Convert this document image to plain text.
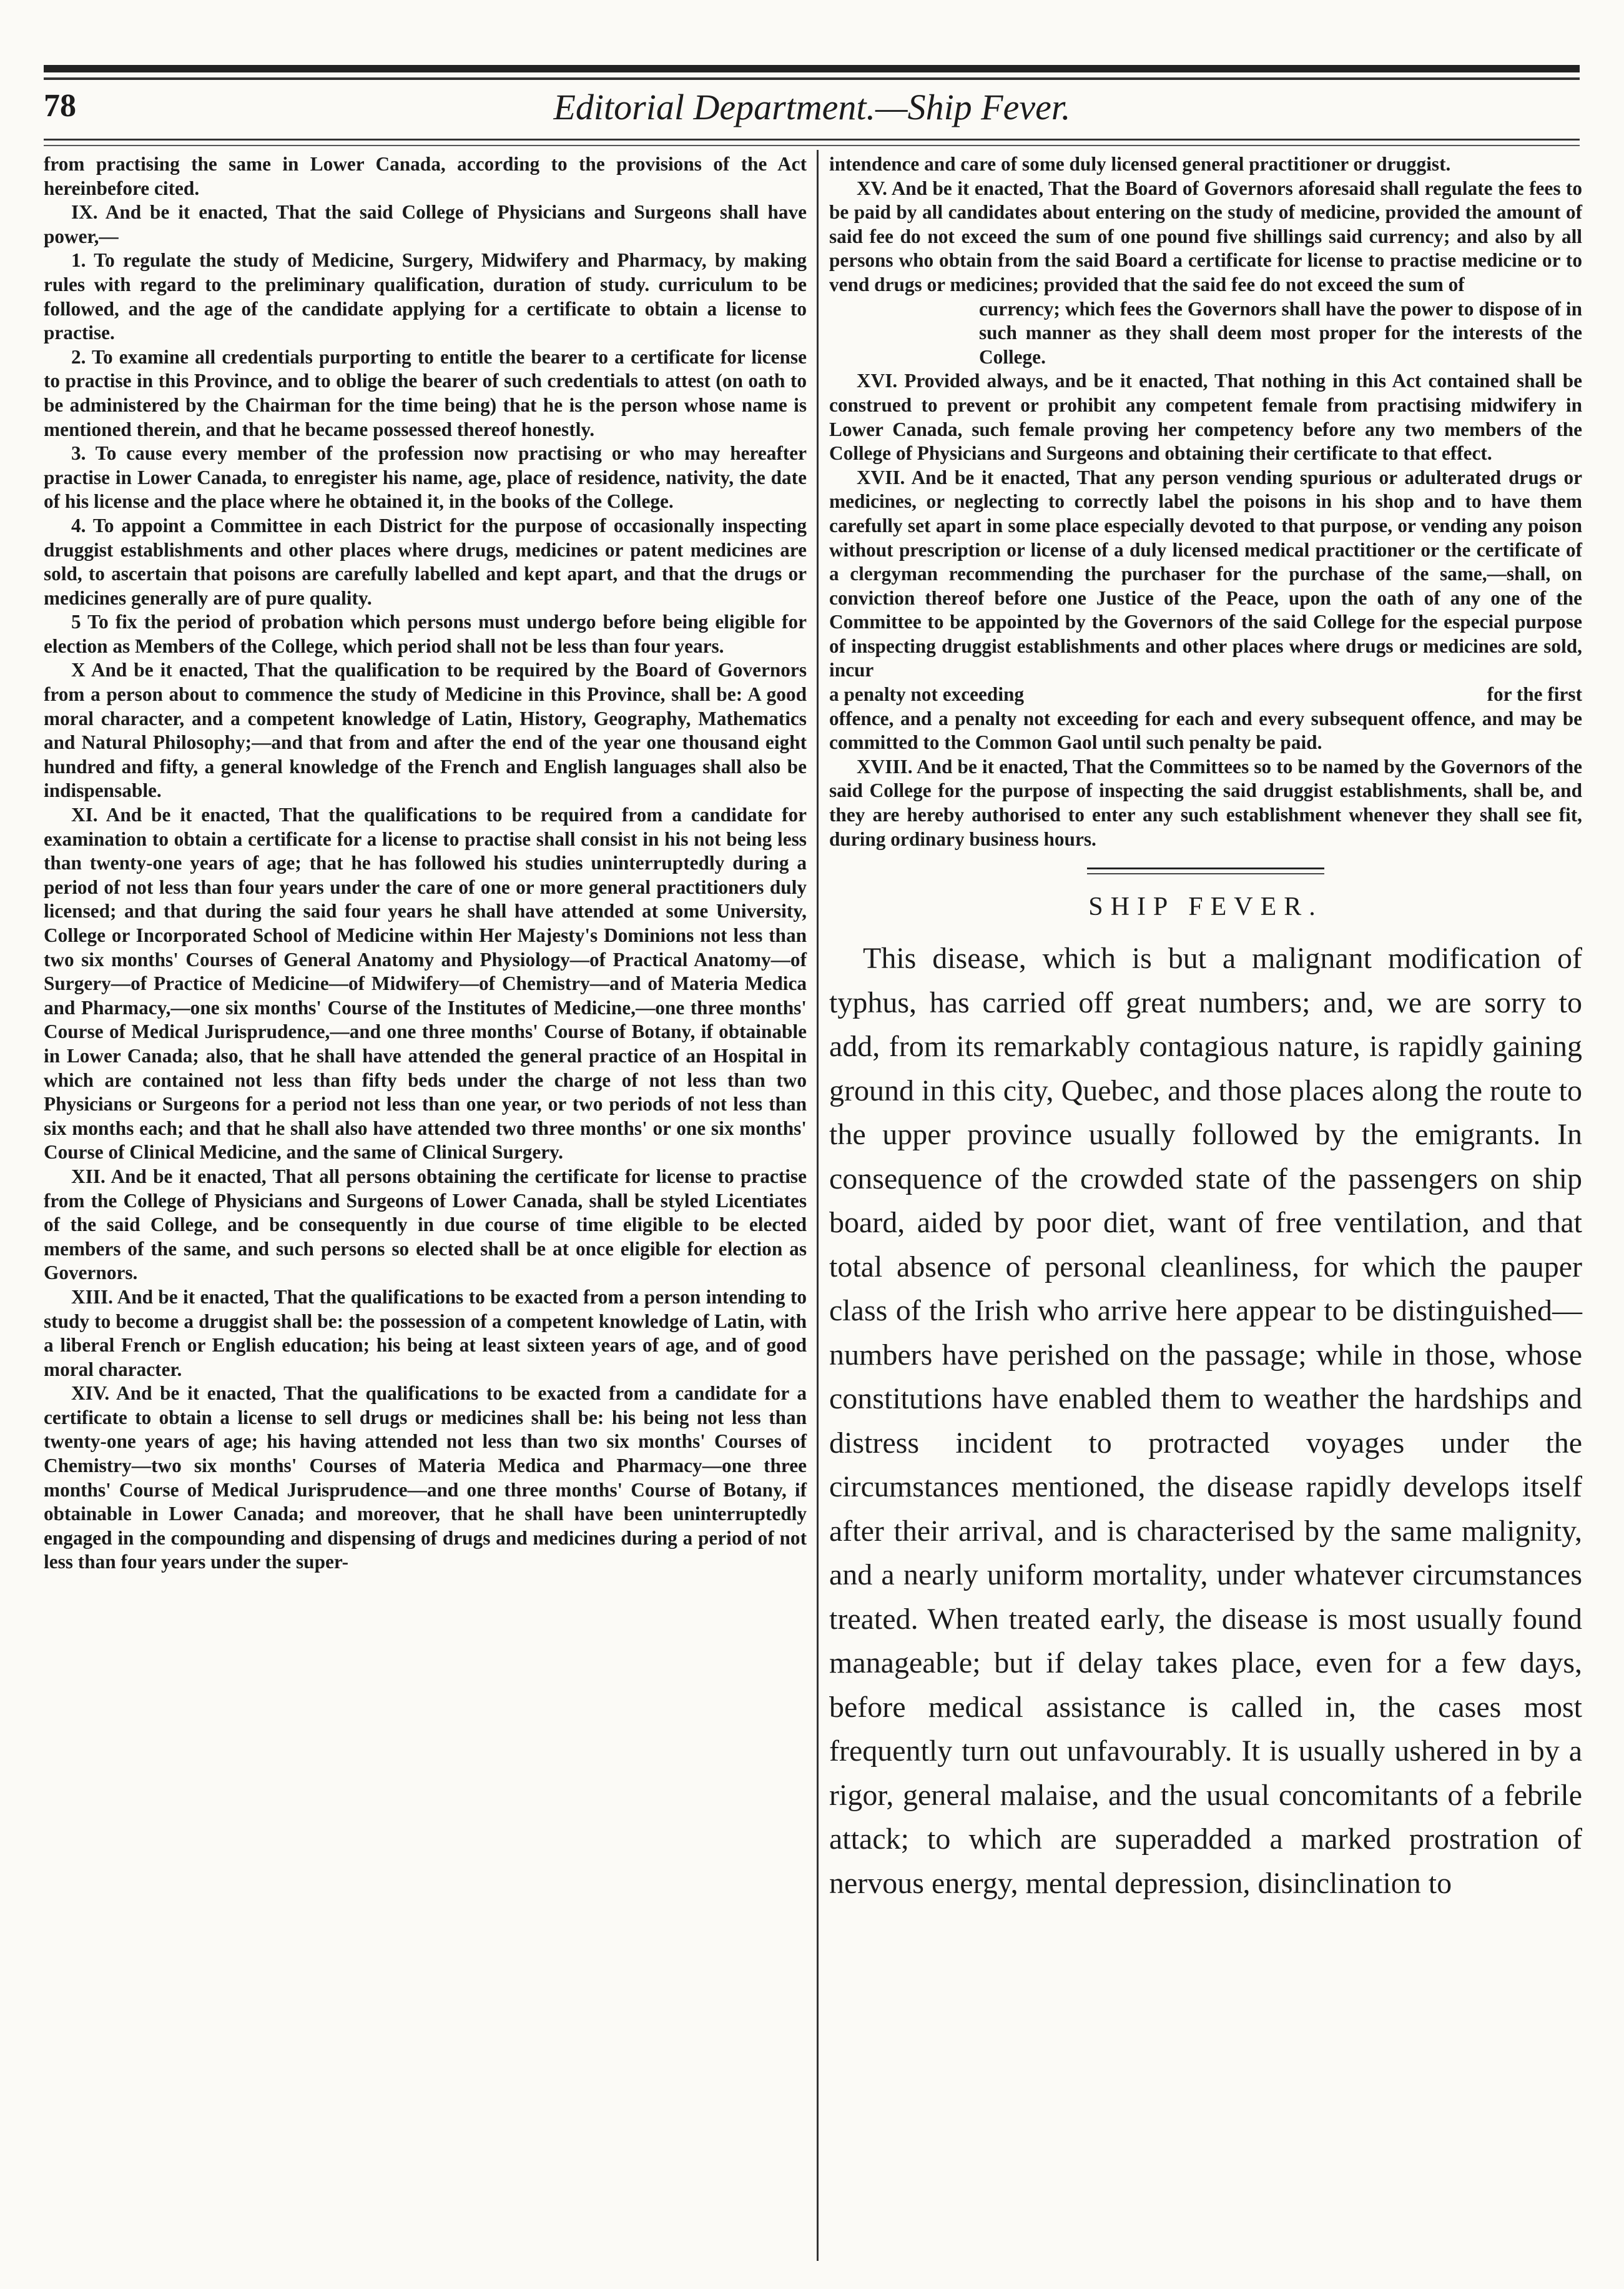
78	Editorial Department.—Ship Fever.

from practising the same in Lower Canada, according to the provisions of the Act hereinbefore cited.

IX. And be it enacted, That the said College of Physicians and Surgeons shall have power,—

1. To regulate the study of Medicine, Surgery, Midwifery and Pharmacy, by making rules with regard to the preliminary qualification, duration of study. curriculum to be followed, and the age of the candidate applying for a certificate to obtain a license to practise.

2. To examine all credentials purporting to entitle the bearer to a certificate for license to practise in this Province, and to oblige the bearer of such credentials to attest (on oath to be administered by the Chairman for the time being) that he is the person whose name is mentioned therein, and that he became possessed thereof honestly.

3. To cause every member of the profession now practising or who may hereafter practise in Lower Canada, to enregister his name, age, place of residence, nativity, the date of his license and the place where he obtained it, in the books of the College.

4. To appoint a Committee in each District for the purpose of occasionally inspecting druggist establishments and other places where drugs, medicines or patent medicines are sold, to ascertain that poisons are carefully labelled and kept apart, and that the drugs or medicines generally are of pure quality.

5 To fix the period of probation which persons must undergo before being eligible for election as Members of the College, which period shall not be less than four years.

X And be it enacted, That the qualification to be required by the Board of Governors from a person about to commence the study of Medicine in this Province, shall be: A good moral character, and a competent knowledge of Latin, History, Geography, Mathematics and Natural Philosophy;—and that from and after the end of the year one thousand eight hundred and fifty, a general knowledge of the French and English languages shall also be indispensable.

XI. And be it enacted, That the qualifications to be required from a candidate for examination to obtain a certificate for a license to practise shall consist in his not being less than twenty-one years of age; that he has followed his studies uninterruptedly during a period of not less than four years under the care of one or more general practitioners duly licensed; and that during the said four years he shall have attended at some University, College or Incorporated School of Medicine within Her Majesty's Dominions not less than two six months' Courses of General Anatomy and Physiology—of Practical Anatomy—of Surgery—of Practice of Medicine—of Midwifery—of Chemistry—and of Materia Medica and Pharmacy,—one six months' Course of the Institutes of Medicine,—one three months' Course of Medical Jurisprudence,—and one three months' Course of Botany, if obtainable in Lower Canada; also, that he shall have attended the general practice of an Hospital in which are contained not less than fifty beds under the charge of not less than two Physicians or Surgeons for a period not less than one year, or two periods of not less than six months each; and that he shall also have attended two three months' or one six months' Course of Clinical Medicine, and the same of Clinical Surgery.

XII. And be it enacted, That all persons obtaining the certificate for license to practise from the College of Physicians and Surgeons of Lower Canada, shall be styled Licentiates of the said College, and be consequently in due course of time eligible to be elected members of the same, and such persons so elected shall be at once eligible for election as Governors.

XIII. And be it enacted, That the qualifications to be exacted from a person intending to study to become a druggist shall be: the possession of a competent knowledge of Latin, with a liberal French or English education; his being at least sixteen years of age, and of good moral character.

XIV. And be it enacted, That the qualifications to be exacted from a candidate for a certificate to obtain a license to sell drugs or medicines shall be: his being not less than twenty-one years of age; his having attended not less than two six months' Courses of Chemistry—two six months' Courses of Materia Medica and Pharmacy—one three months' Course of Medical Jurisprudence—and one three months' Course of Botany, if obtainable in Lower Canada; and moreover, that he shall have been uninterruptedly engaged in the compounding and dispensing of drugs and medicines during a period of not less than four years under the super-

intendence and care of some duly licensed general practitioner or druggist.

XV. And be it enacted, That the Board of Governors aforesaid shall regulate the fees to be paid by all candidates about entering on the study of medicine, provided the amount of said fee do not exceed the sum of one pound five shillings said currency; and also by all persons who obtain from the said Board a certificate for license to practise medicine or to vend drugs or medicines; provided that the said fee do not exceed the sum of

currency; which fees the Governors shall have the power to dispose of in such manner as they shall deem most proper for the interests of the College.

XVI. Provided always, and be it enacted, That nothing in this Act contained shall be construed to prevent or prohibit any competent female from practising midwifery in Lower Canada, such female proving her competency before any two members of the College of Physicians and Surgeons and obtaining their certificate to that effect.

XVII. And be it enacted, That any person vending spurious or adulterated drugs or medicines, or neglecting to correctly label the poisons in his shop and to have them carefully set apart in some place especially devoted to that purpose, or vending any poison without prescription or license of a duly licensed medical practitioner or the certificate of a clergyman recommending the purchaser for the purchase of the same,—shall, on conviction thereof before one Justice of the Peace, upon the oath of any one of the Committee to be appointed by the Governors of the said College for the especial purpose of inspecting druggist establishments and other places where drugs or medicines are sold, incur

a penalty not exceeding	for the first

offence, and a penalty not exceeding for each and every subsequent offence, and may be committed to the Common Gaol until such penalty be paid.

XVIII. And be it enacted, That the Committees so to be named by the Governors of the said College for the purpose of inspecting the said druggist establishments, shall be, and they are hereby authorised to enter any such establishment whenever they shall see fit, during ordinary business hours.

SHIP FEVER.

This disease, which is but a malignant modification of typhus, has carried off great numbers; and, we are sorry to add, from its remarkably contagious nature, is rapidly gaining ground in this city, Quebec, and those places along the route to the upper province usually followed by the emigrants. In consequence of the crowded state of the passengers on ship board, aided by poor diet, want of free ventilation, and that total absence of personal cleanliness, for which the pauper class of the Irish who arrive here appear to be distinguished—numbers have perished on the passage; while in those, whose constitutions have enabled them to weather the hardships and distress incident to protracted voyages under the circumstances mentioned, the disease rapidly develops itself after their arrival, and is characterised by the same malignity, and a nearly uniform mortality, under whatever circumstances treated. When treated early, the disease is most usually found manageable; but if delay takes place, even for a few days, before medical assistance is called in, the cases most frequently turn out unfavourably. It is usually ushered in by a rigor, general malaise, and the usual concomitants of a febrile attack; to which are superadded a marked prostration of nervous energy, mental depression, disinclination to
